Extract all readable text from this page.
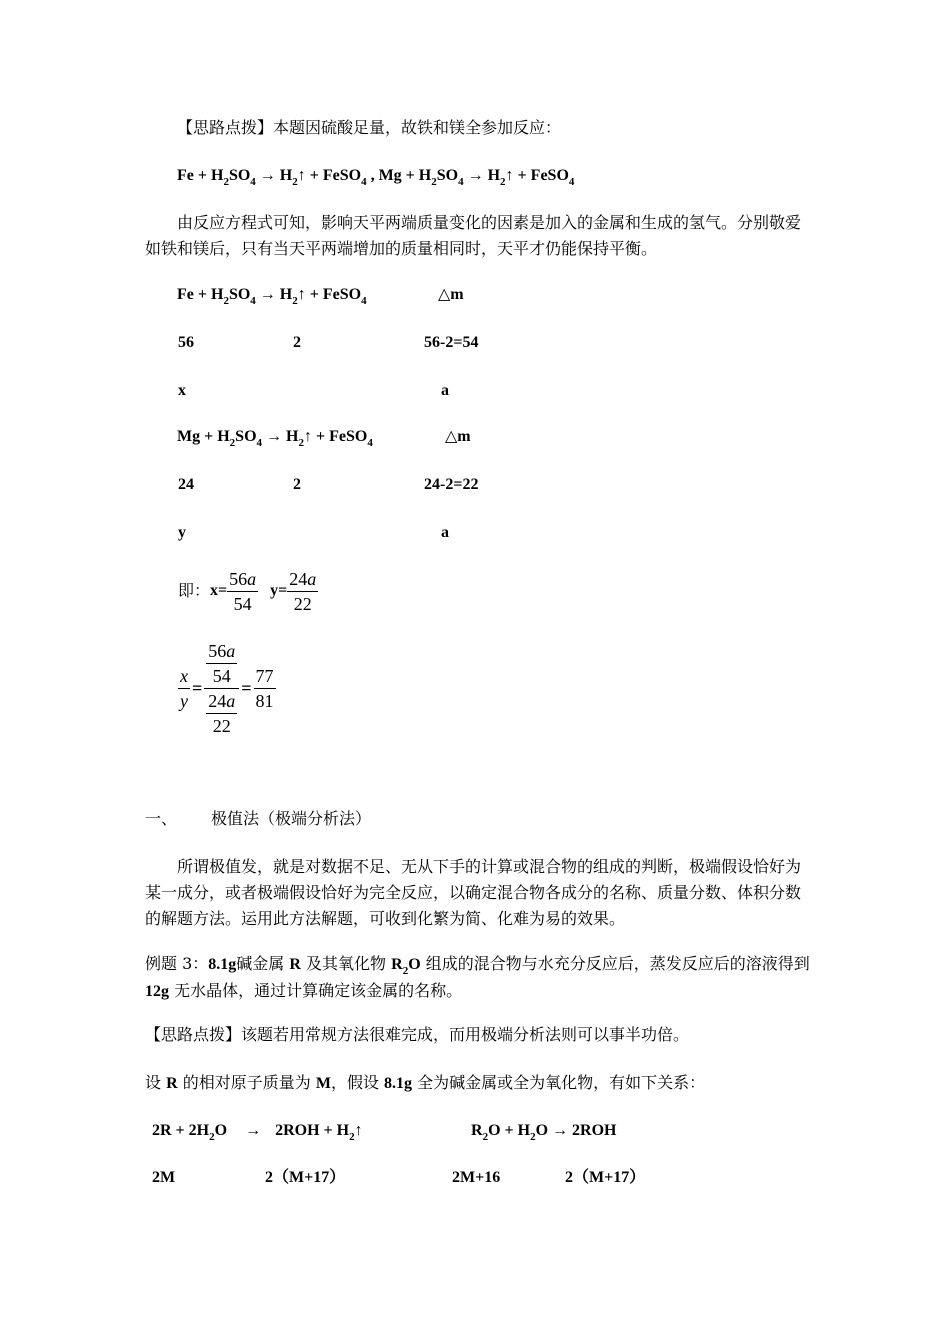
【思路点拨】本题因硫酸足量，故铁和镁全参加反应：
$Fe + H_2SO_4$ → $H_2↑$ + FeSO$_4$ , $Mg + H_2SO_4$ → $H_2↑$ + FeSO$_4$
由反应方程式可知，影响天平两端质量变化的因素是加入的金属和生成的氢气。分别敬爱如铁和镁后，只有当天平两端增加的质量相同时，天平才仍能保持平衡。
$Fe + H_2SO_4$ → $H_2↑$ + FeSO$_4$	△m
56	2	56-2=54
x	a
$Mg + H_2SO_4$ → $H_2↑$ + FeSO$_4$	△m
24	2	24-2=22
y	a
即： $x= \frac{56a}{54} y= \frac{24a}{22}$
$\frac{x}{y} = \frac{\frac{56a}{54}}{\frac{24a}{22}} = \frac{77}{81}$
一、 极值法（极端分析法）
所谓极值发，就是对数据不足、无从下手的计算或混合物的组成的判断，极端假设恰好为某一成分，或者极端假设恰好为完全反应，以确定混合物各成分的名称、质量分数、体积分数的解题方法。运用此方法解题，可收到化繁为简、化难为易的效果。
例题 3：8.1g碱金属 R 及其氧化物 $R_2O$ 组成的混合物与水充分反应后，蒸发反应后的溶液得到 12g 无水晶体，通过计算确定该金属的名称。
【思路点拨】该题若用常规方法很难完成，而用极端分析法则可以事半功倍。
设 R 的相对原子质量为 M，假设 8.1g 全为碱金属或全为氧化物，有如下关系：
$2R + 2H_2O \to 2ROH$ + $H_2↑$	$R_2O + H_2O \to 2ROH$
2M	2（M+17）	2M+16	2（M+17）
